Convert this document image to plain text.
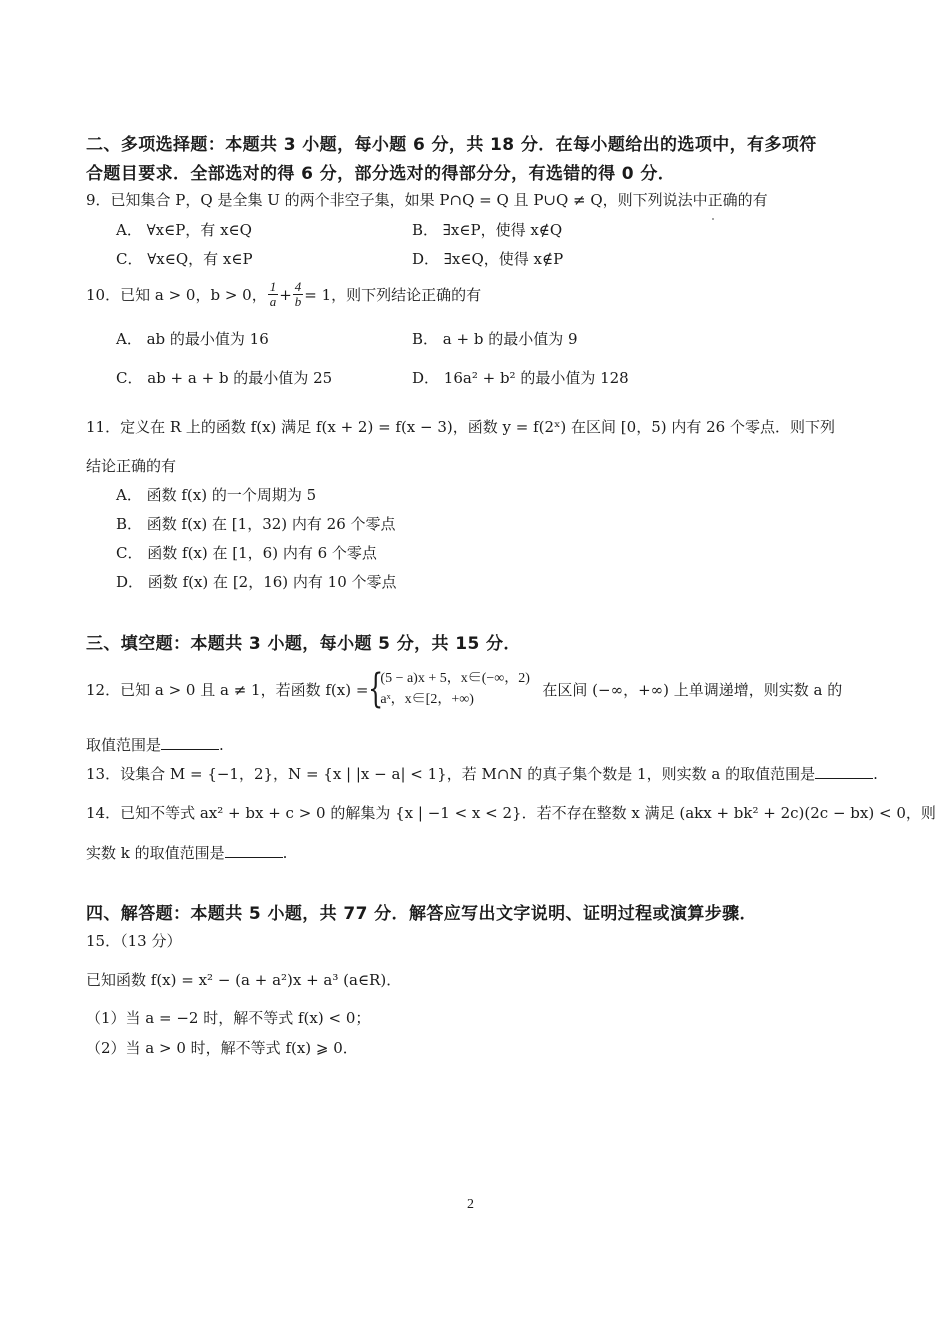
二、多项选择题：本题共 3 小题，每小题 6 分，共 18 分．在每小题给出的选项中，有多项符
合题目要求．全部选对的得 6 分，部分选对的得部分分，有选错的得 0 分．
9．已知集合 P，Q 是全集 U 的两个非空子集，如果 P∩Q = Q 且 P∪Q ≠ Q，则下列说法中正确的有
A． ∀x∈P，有 x∈Q	B． ∃x∈P，使得 x∉Q
C． ∀x∈Q，有 x∈P	D． ∃x∈Q，使得 x∉P
10．已知 a > 0，b > 0， $\frac{1}{a} + \frac{4}{b} = 1$，则下列结论正确的有
A． ab 的最小值为 16	B． a + b 的最小值为 9
C． ab + a + b 的最小值为 25	D． 16a² + b² 的最小值为 128
11．定义在 R 上的函数 f(x) 满足 f(x + 2) = f(x − 3)，函数 y = f(2ˣ) 在区间 [0，5) 内有 26 个零点．则下列
结论正确的有
A． 函数 f(x) 的一个周期为 5
B． 函数 f(x) 在 [1，32) 内有 26 个零点
C． 函数 f(x) 在 [1，6) 内有 6 个零点
D． 函数 f(x) 在 [2，16) 内有 10 个零点
三、填空题：本题共 3 小题，每小题 5 分，共 15 分．
12．已知 a > 0 且 a ≠ 1，若函数 f(x) = {
(5 − a)x + 5，x∈(−∞，2)
aˣ，x∈[2，+∞)
在区间 (−∞，+∞) 上单调递增，则实数 a 的
取值范围是	.
13．设集合 M = {−1，2}，N = {x | |x − a| < 1}，若 M∩N 的真子集个数是 1，则实数 a 的取值范围是	.
14．已知不等式 ax² + bx + c > 0 的解集为 {x | −1 < x < 2}．若不存在整数 x 满足 (akx + bk² + 2c)(2c − bx) < 0，则
实数 k 的取值范围是	.
四、解答题：本题共 5 小题，共 77 分．解答应写出文字说明、证明过程或演算步骤．
15．（13 分）
已知函数 f(x) = x² − (a + a²)x + a³ (a∈R)．
（1）当 a = −2 时，解不等式 f(x) < 0；
（2）当 a > 0 时，解不等式 f(x) ⩾ 0．
2
